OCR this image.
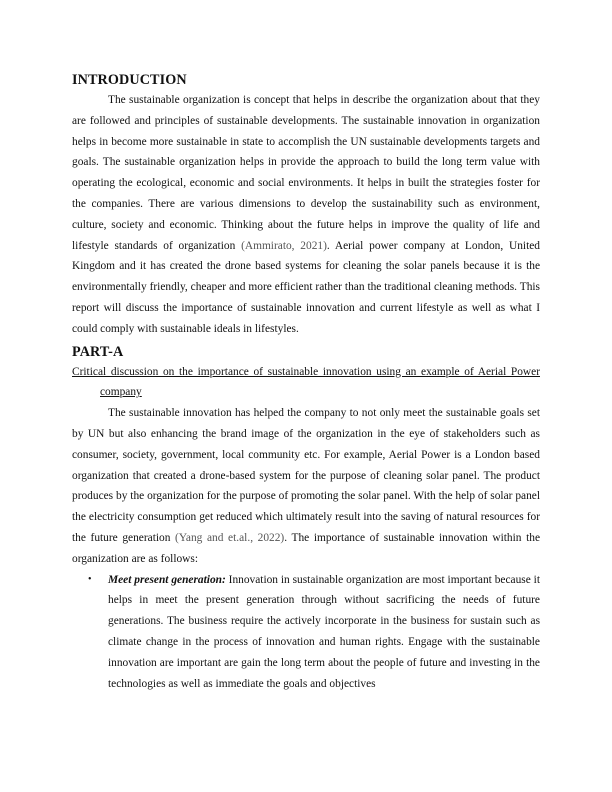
INTRODUCTION

The sustainable organization is concept that helps in describe the organization about that they are followed and principles of sustainable developments. The sustainable innovation in organization helps in become more sustainable in state to accomplish the UN sustainable developments targets and goals. The sustainable organization helps in provide the approach to build the long term value with operating the ecological, economic and social environments. It helps in built the strategies foster for the companies. There are various dimensions to develop the sustainability such as environment, culture, society and economic. Thinking about the future helps in improve the quality of life and lifestyle standards of organization (Ammirato, 2021). Aerial power company at London, United Kingdom and it has created the drone based systems for cleaning the solar panels because it is the environmentally friendly, cheaper and more efficient rather than the traditional cleaning methods. This report will discuss the importance of sustainable innovation and current lifestyle as well as what I could comply with sustainable ideals in lifestyles.

PART-A

Critical discussion on the importance of sustainable innovation using an example of Aerial Power company

The sustainable innovation has helped the company to not only meet the sustainable goals set by UN but also enhancing the brand image of the organization in the eye of stakeholders such as consumer, society, government, local community etc. For example, Aerial Power is a London based organization that created a drone-based system for the purpose of cleaning solar panel. The product produces by the organization for the purpose of promoting the solar panel. With the help of solar panel the electricity consumption get reduced which ultimately result into the saving of natural resources for the future generation (Yang and et.al., 2022). The importance of sustainable innovation within the organization are as follows:

• Meet present generation: Innovation in sustainable organization are most important because it helps in meet the present generation through without sacrificing the needs of future generations. The business require the actively incorporate in the business for sustain such as climate change in the process of innovation and human rights. Engage with the sustainable innovation are important are gain the long term about the people of future and investing in the technologies as well as immediate the goals and objectives
